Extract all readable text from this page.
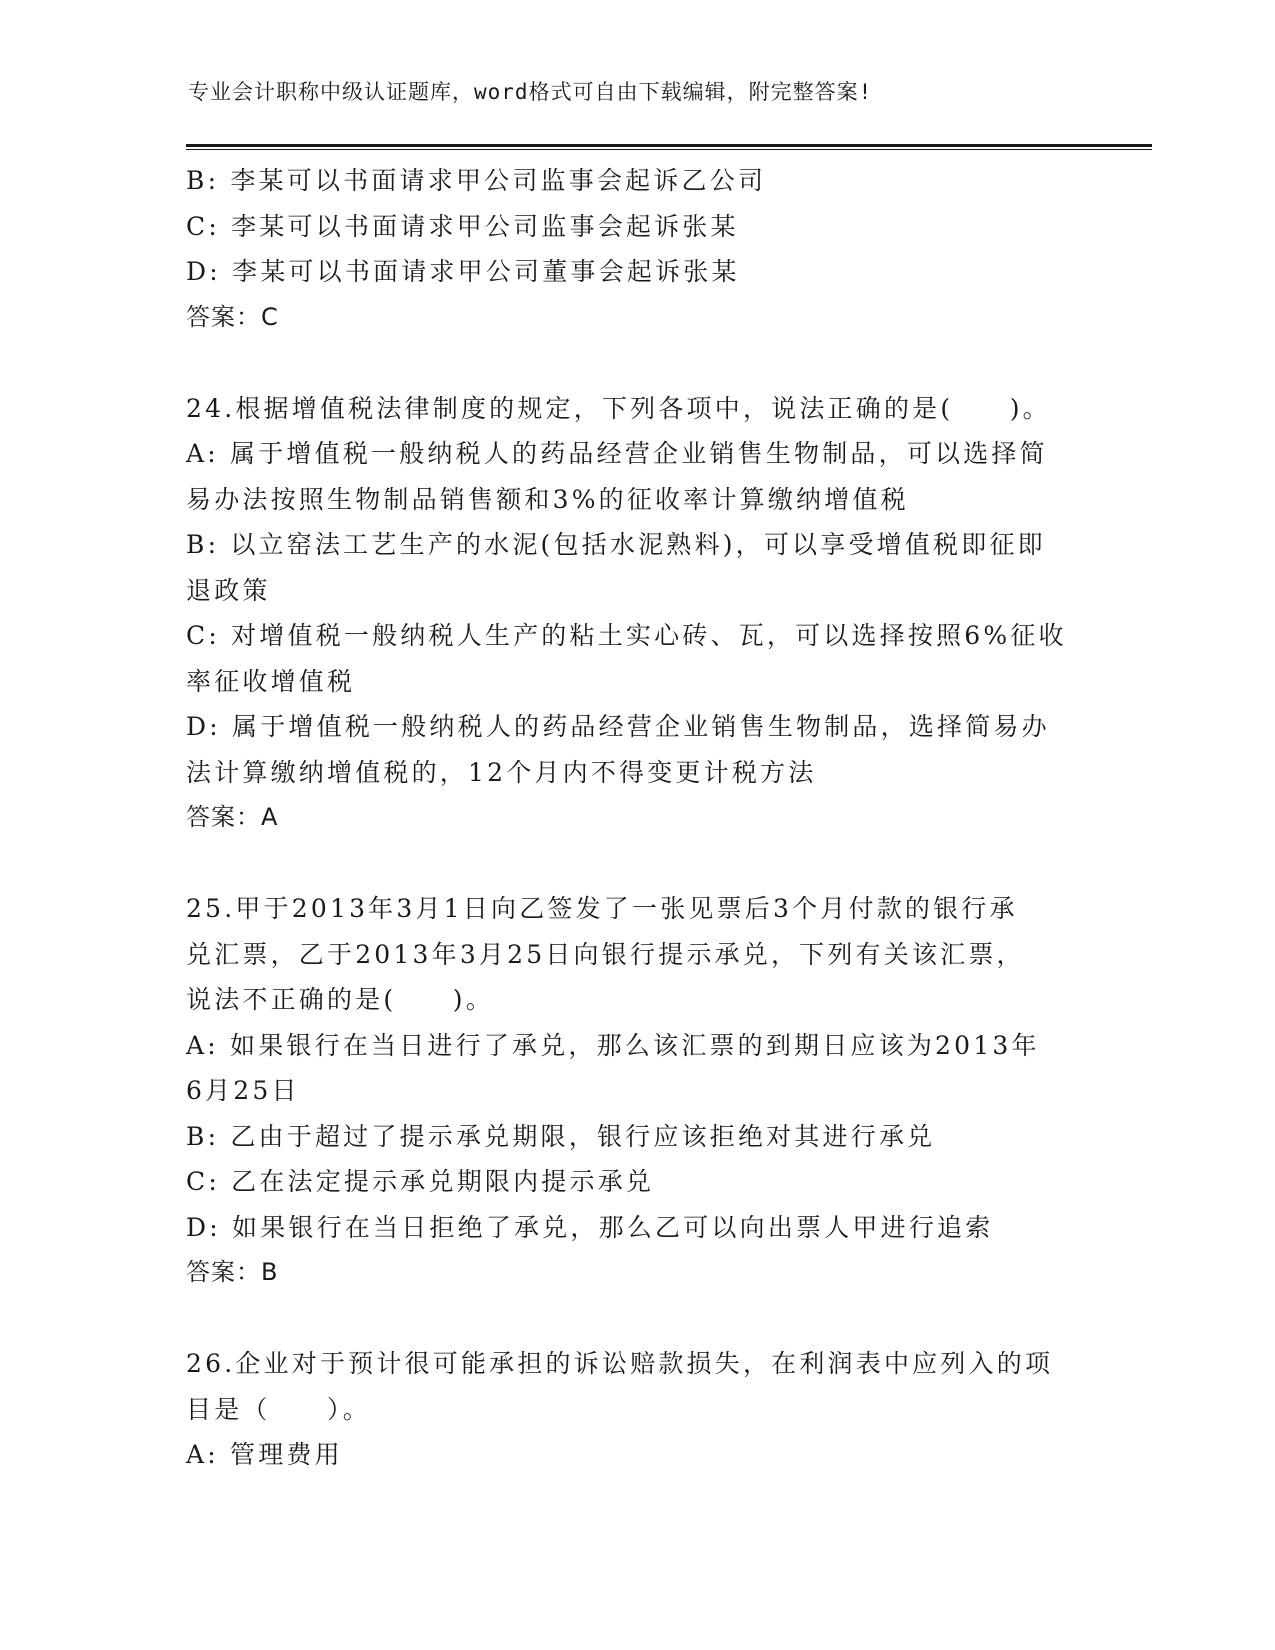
专业会计职称中级认证题库，word格式可自由下载编辑，附完整答案!
B: 李某可以书面请求甲公司监事会起诉乙公司
C: 李某可以书面请求甲公司监事会起诉张某
D: 李某可以书面请求甲公司董事会起诉张某
答案：C
24.根据增值税法律制度的规定，下列各项中，说法正确的是(　　)。
A: 属于增值税一般纳税人的药品经营企业销售生物制品，可以选择简
易办法按照生物制品销售额和3%的征收率计算缴纳增值税
B: 以立窑法工艺生产的水泥(包括水泥熟料)，可以享受增值税即征即
退政策
C: 对增值税一般纳税人生产的粘土实心砖、瓦，可以选择按照6%征收
率征收增值税
D: 属于增值税一般纳税人的药品经营企业销售生物制品，选择简易办
法计算缴纳增值税的，12个月内不得变更计税方法
答案：A
25.甲于2013年3月1日向乙签发了一张见票后3个月付款的银行承
兑汇票，乙于2013年3月25日向银行提示承兑，下列有关该汇票，
说法不正确的是(　　)。
A: 如果银行在当日进行了承兑，那么该汇票的到期日应该为2013年
6月25日
B: 乙由于超过了提示承兑期限，银行应该拒绝对其进行承兑
C: 乙在法定提示承兑期限内提示承兑
D: 如果银行在当日拒绝了承兑，那么乙可以向出票人甲进行追索
答案：B
26.企业对于预计很可能承担的诉讼赔款损失，在利润表中应列入的项
目是（　　）。
A: 管理费用
